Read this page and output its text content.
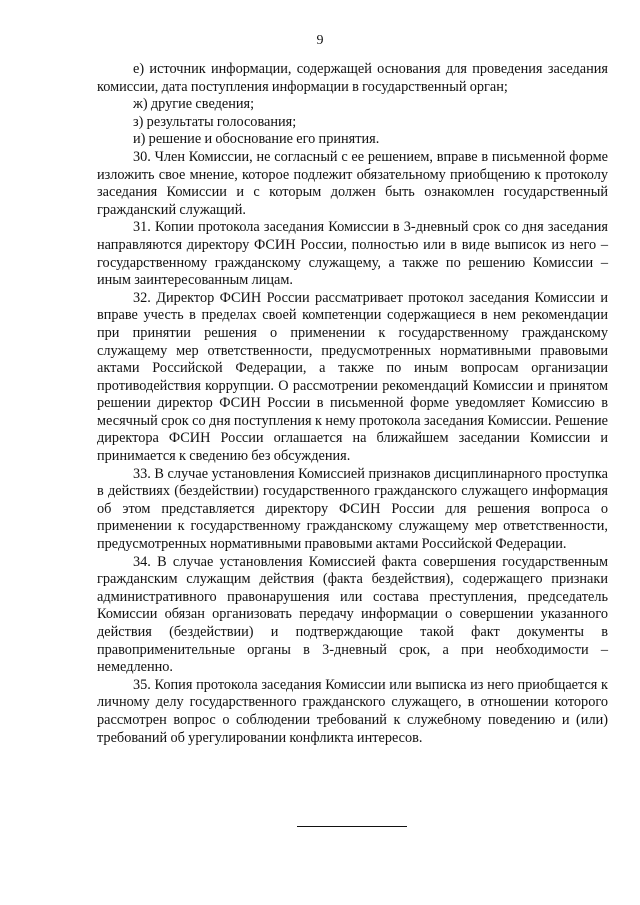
9

е) источник информации, содержащей основания для проведения заседания комиссии, дата поступления информации в государственный орган;

ж) другие сведения;

з) результаты голосования;

и) решение и обоснование его принятия.

30. Член Комиссии, не согласный с ее решением, вправе в письменной форме изложить свое мнение, которое подлежит обязательному приобщению к протоколу заседания Комиссии и с которым должен быть ознакомлен государственный гражданский служащий.

31. Копии протокола заседания Комиссии в 3-дневный срок со дня заседания направляются директору ФСИН России, полностью или в виде выписок из него – государственному гражданскому служащему, а также по решению Комиссии – иным заинтересованным лицам.

32. Директор ФСИН России рассматривает протокол заседания Комиссии и вправе учесть в пределах своей компетенции содержащиеся в нем рекомендации при принятии решения о применении к государственному гражданскому служащему мер ответственности, предусмотренных нормативными правовыми актами Российской Федерации, а также по иным вопросам организации противодействия коррупции. О рассмотрении рекомендаций Комиссии и принятом решении директор ФСИН России в письменной форме уведомляет Комиссию в месячный срок со дня поступления к нему протокола заседания Комиссии. Решение директора ФСИН России оглашается на ближайшем заседании Комиссии и принимается к сведению без обсуждения.

33. В случае установления Комиссией признаков дисциплинарного проступка в действиях (бездействии) государственного гражданского служащего информация об этом представляется директору ФСИН России для решения вопроса о применении к государственному гражданскому служащему мер ответственности, предусмотренных нормативными правовыми актами Российской Федерации.

34. В случае установления Комиссией факта совершения государственным гражданским служащим действия (факта бездействия), содержащего признаки административного правонарушения или состава преступления, председатель Комиссии обязан организовать передачу информации о совершении указанного действия (бездействии) и подтверждающие такой факт документы в правоприменительные органы в 3-дневный срок, а при необходимости – немедленно.

35. Копия протокола заседания Комиссии или выписка из него приобщается к личному делу государственного гражданского служащего, в отношении которого рассмотрен вопрос о соблюдении требований к служебному поведению и (или) требований об урегулировании конфликта интересов.
